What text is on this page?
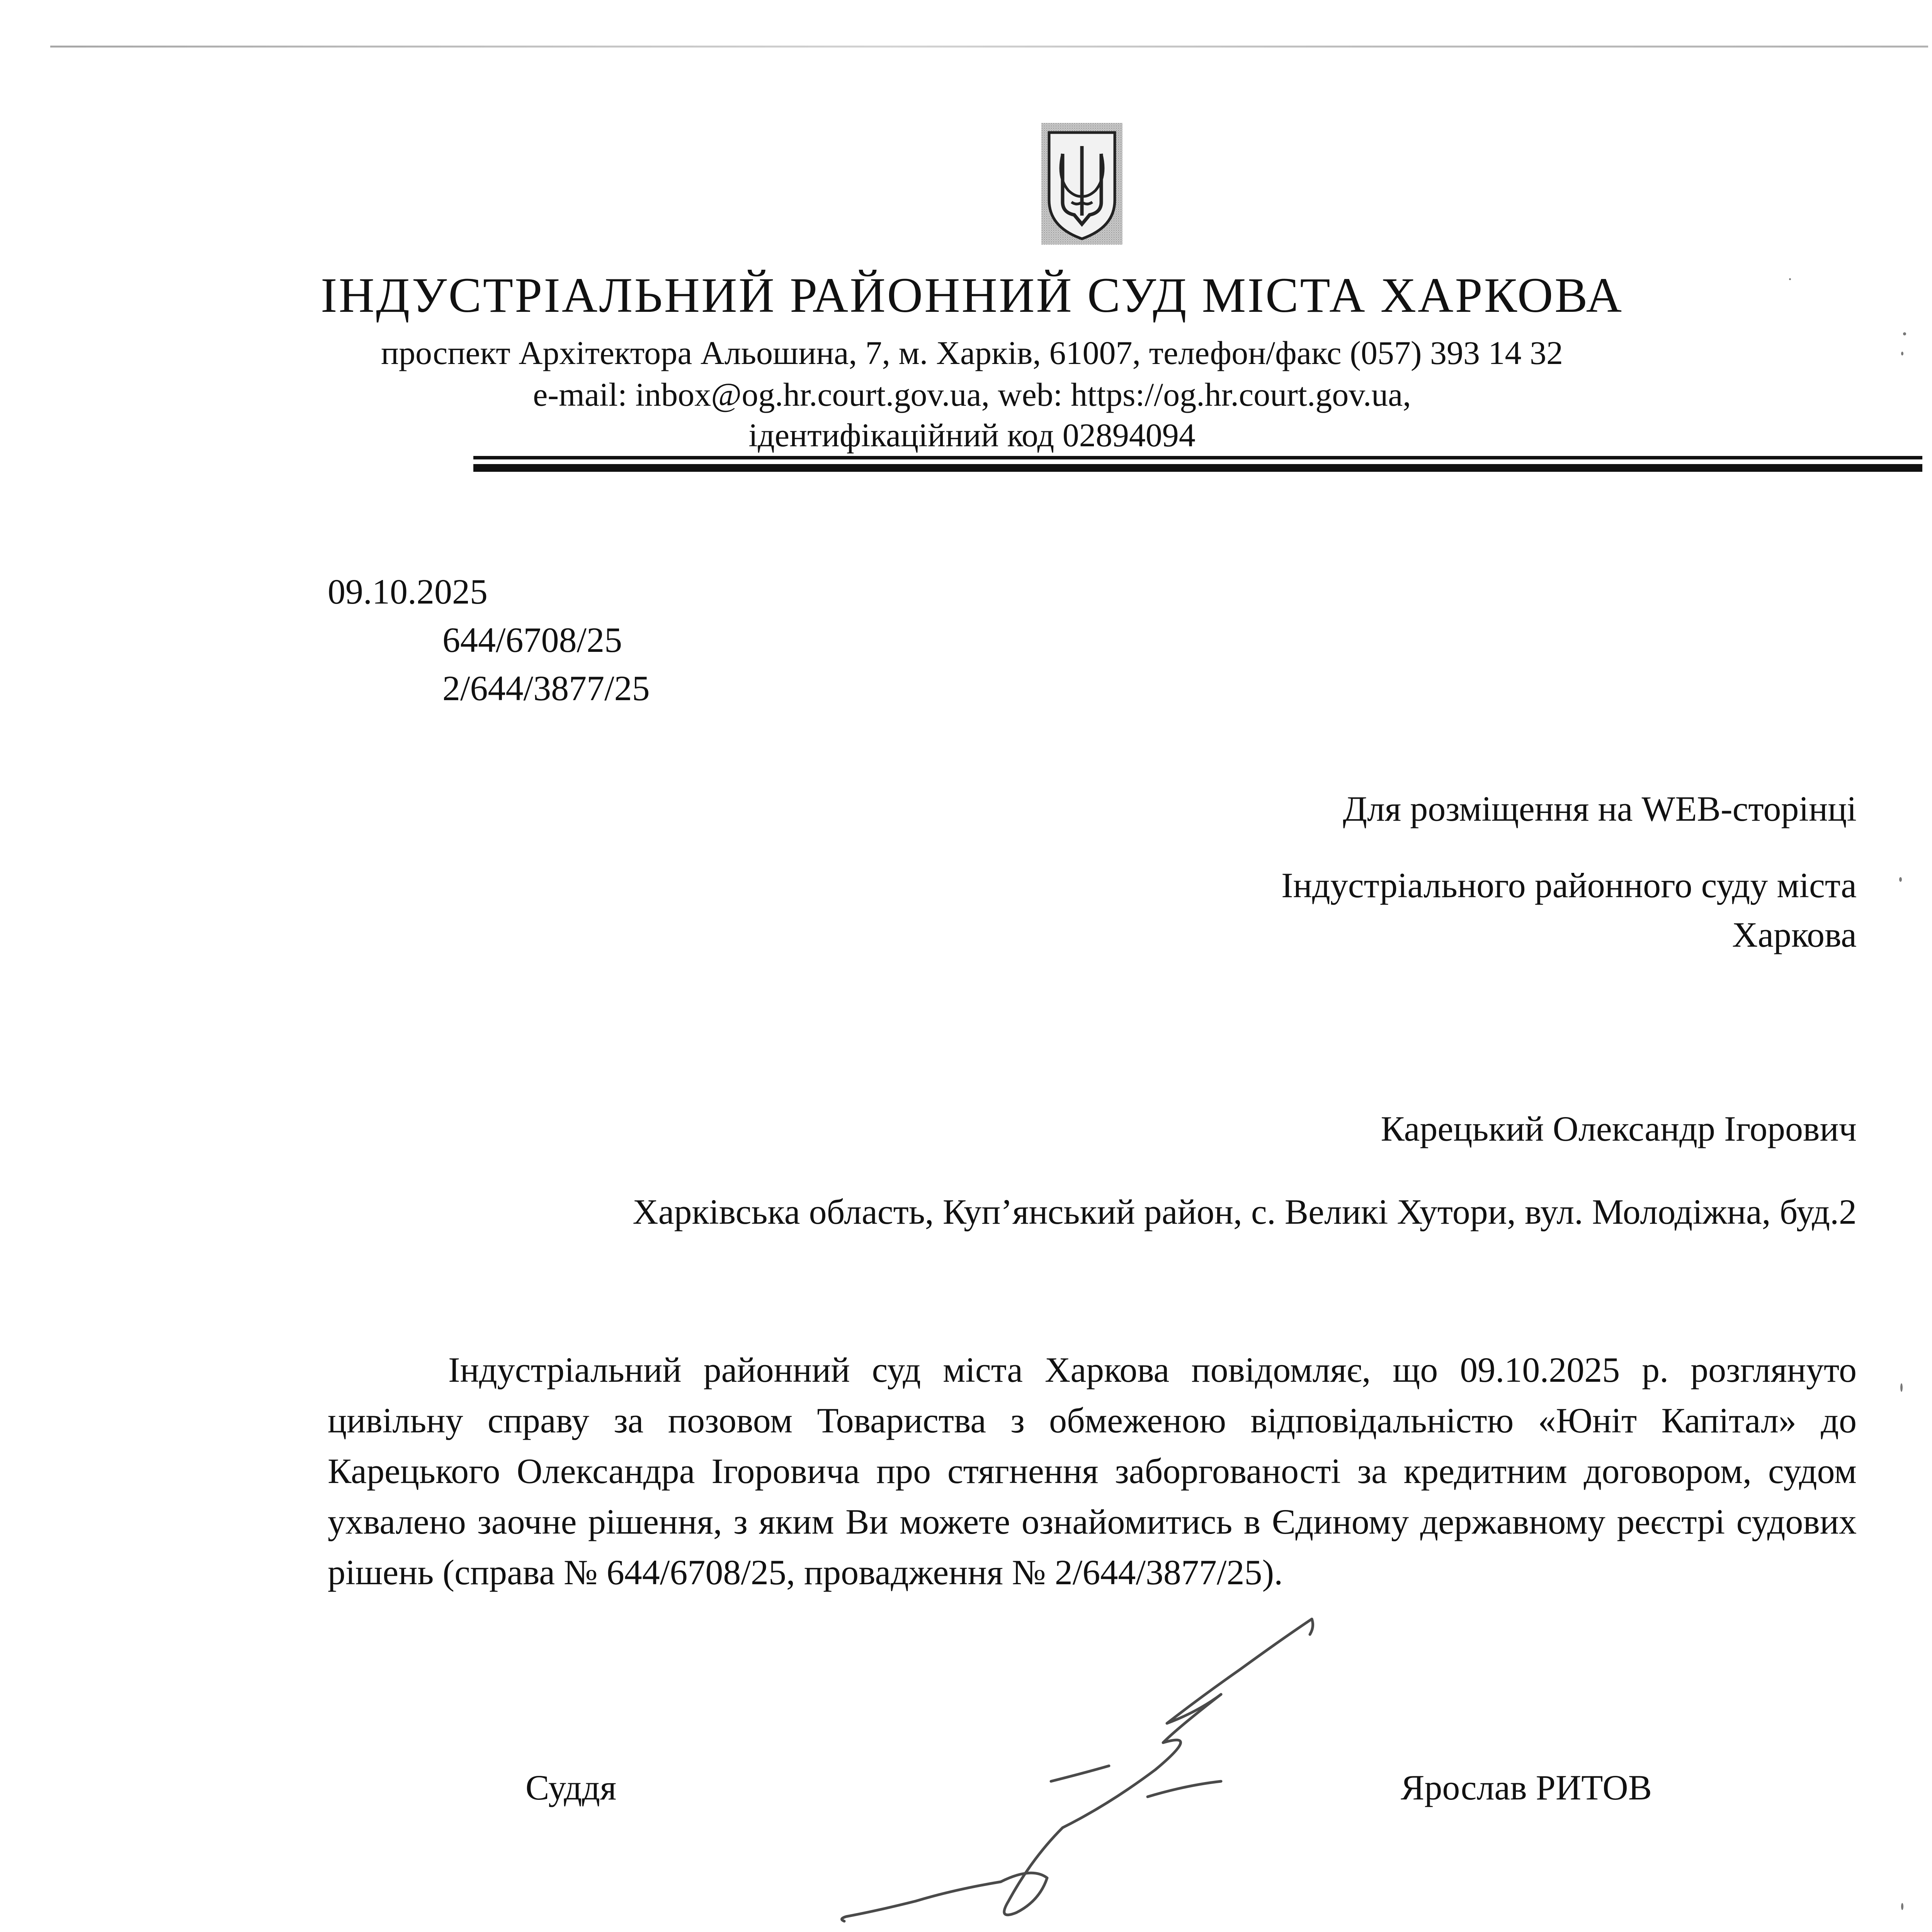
ІНДУСТРІАЛЬНИЙ РАЙОННИЙ СУД МІСТА ХАРКОВА
проспект Архітектора Альошина, 7, м. Харків, 61007, телефон/факс (057) 393 14 32
e-mail: inbox@og.hr.court.gov.ua, web: https://og.hr.court.gov.ua,
ідентифікаційний код 02894094
09.10.2025
644/6708/25
2/644/3877/25
Для розміщення на WEB-сторінці
Індустріального районного суду міста
Харкова
Карецький Олександр Ігорович
Харківська область, Куп’янський район, с. Великі Хутори, вул. Молодіжна, буд.2

Індустріальний районний суд міста Харкова повідомляє, що 09.10.2025 р. розглянуто цивільну справу за позовом Товариства з обмеженою відповідальністю «Юніт Капітал» до Карецького Олександра Ігоровича про стягнення заборгованості за кредитним договором, судом ухвалено заочне рішення, з яким Ви можете ознайомитись в Єдиному державному реєстрі судових рішень (справа № 644/6708/25, провадження № 2/644/3877/25).

Суддя	Ярослав РИТОВ
